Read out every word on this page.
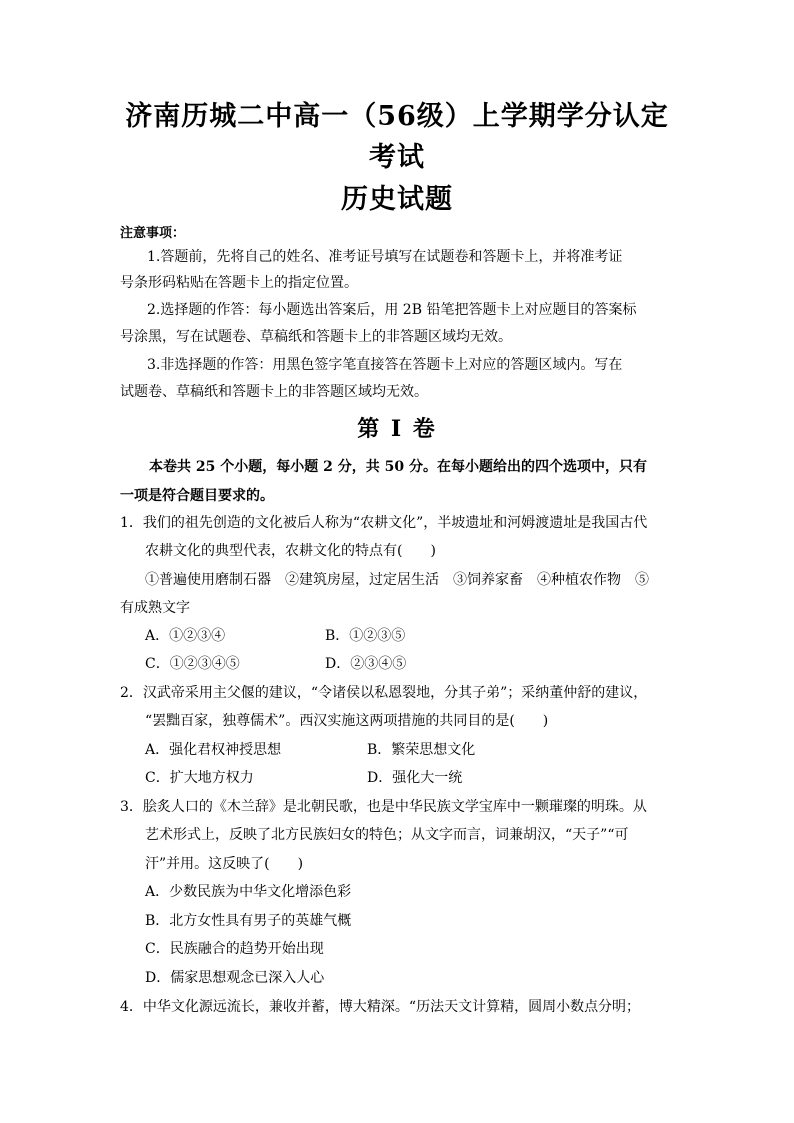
济南历城二中高一（56级）上学期学分认定
考试
历史试题
注意事项：
1.答题前，先将自己的姓名、准考证号填写在试题卷和答题卡上，并将准考证
号条形码粘贴在答题卡上的指定位置。
2.选择题的作答：每小题选出答案后，用 2B 铅笔把答题卡上对应题目的答案标
号涂黑，写在试题卷、草稿纸和答题卡上的非答题区域均无效。
3.非选择题的作答：用黑色签字笔直接答在答题卡上对应的答题区域内。写在
试题卷、草稿纸和答题卡上的非答题区域均无效。
第 I 卷
本卷共 25 个小题，每小题 2 分，共 50 分。在每小题给出的四个选项中，只有
一项是符合题目要求的。
1．我们的祖先创造的文化被后人称为“农耕文化”，半坡遗址和河姆渡遗址是我国古代
农耕文化的典型代表，农耕文化的特点有(　　)
①普遍使用磨制石器　②建筑房屋，过定居生活　③饲养家畜　④种植农作物　⑤
有成熟文字
A．①②③④	B．①②③⑤
C．①②③④⑤	D．②③④⑤
2．汉武帝采用主父偃的建议，“令诸侯以私恩裂地，分其子弟”；采纳董仲舒的建议，
“罢黜百家，独尊儒术”。西汉实施这两项措施的共同目的是(　　)
A．强化君权神授思想	B．繁荣思想文化
C．扩大地方权力	D．强化大一统
3．脍炙人口的《木兰辞》是北朝民歌，也是中华民族文学宝库中一颗璀璨的明珠。从
艺术形式上，反映了北方民族妇女的特色；从文字而言，词兼胡汉，“天子”“可
汗”并用。这反映了(　　)
A．少数民族为中华文化增添色彩
B．北方女性具有男子的英雄气概
C．民族融合的趋势开始出现
D．儒家思想观念已深入人心
4．中华文化源远流长，兼收并蓄，博大精深。“历法天文计算精，圆周小数点分明；
